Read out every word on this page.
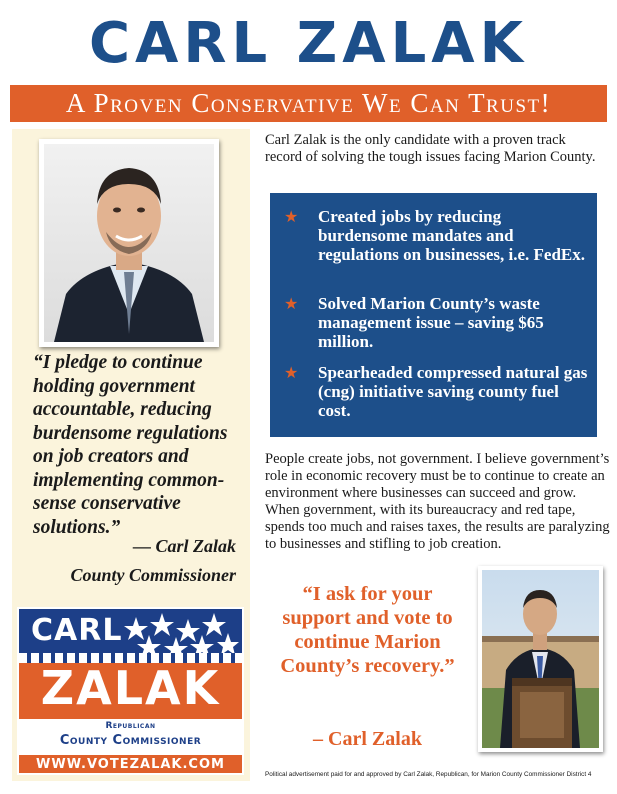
CARL ZALAK
A Proven Conservative We Can Trust!
“I pledge to continue holding government accountable, reducing burdensome regulations on job creators and implementing common-sense conservative solutions.”
— Carl Zalak
County Commissioner
CARL
ZALAK
Republican
County Commissioner
WWW.VOTEZALAK.COM
Carl Zalak is the only candidate with a proven track record of solving the tough issues facing Marion County.
★ Created jobs by reducing burdensome mandates and regulations on businesses, i.e. FedEx.
★ Solved Marion County’s waste management issue – saving $65 million.
★ Spearheaded compressed natural gas (cng) initiative saving county fuel cost.
People create jobs, not government. I believe government’s role in economic recovery must be to continue to create an environment where businesses can succeed and grow. When government, with its bureaucracy and red tape, spends too much and raises taxes, the results are paralyzing to businesses and stifling to job creation.
“I ask for your support and vote to continue Marion County’s recovery.”
– Carl Zalak
Political advertisement paid for and approved by Carl Zalak, Republican, for Marion County Commissioner District 4
